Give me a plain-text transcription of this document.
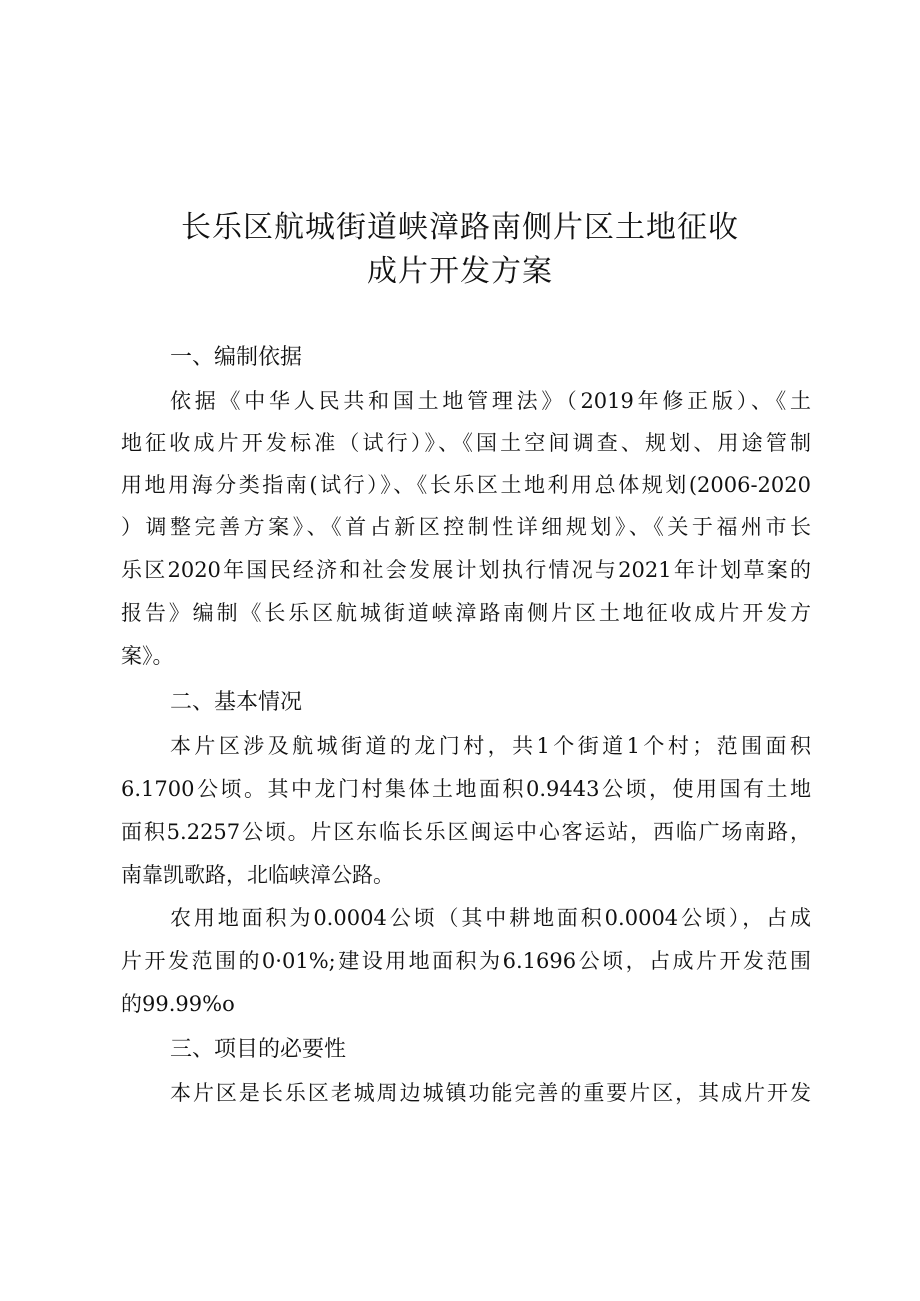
长乐区航城街道峡漳路南侧片区土地征收
成片开发方案
一、编制依据
依据《中华人民共和国土地管理法》（2019年修正版）、《土
地征收成片开发标准（试行）》、《国土空间调查、规划、用途管制
用地用海分类指南(试行）》、《长乐区土地利用总体规划(2006-2020
）调整完善方案》、《首占新区控制性详细规划》、《关于福州市长
乐区2020年国民经济和社会发展计划执行情况与2021年计划草案的
报告》编制《长乐区航城街道峡漳路南侧片区土地征收成片开发方
案》。
二、基本情况
本片区涉及航城街道的龙门村，共1个街道1个村；范围面积
6.1700公顷。其中龙门村集体土地面积0.9443公顷，使用国有土地
面积5.2257公顷。片区东临长乐区闽运中心客运站，西临广场南路，
南靠凯歌路，北临峡漳公路。
农用地面积为0.0004公顷（其中耕地面积0.0004公顷），占成
片开发范围的0·01%;建设用地面积为6.1696公顷，占成片开发范围
的99.99%o
三、项目的必要性
本片区是长乐区老城周边城镇功能完善的重要片区，其成片开发
